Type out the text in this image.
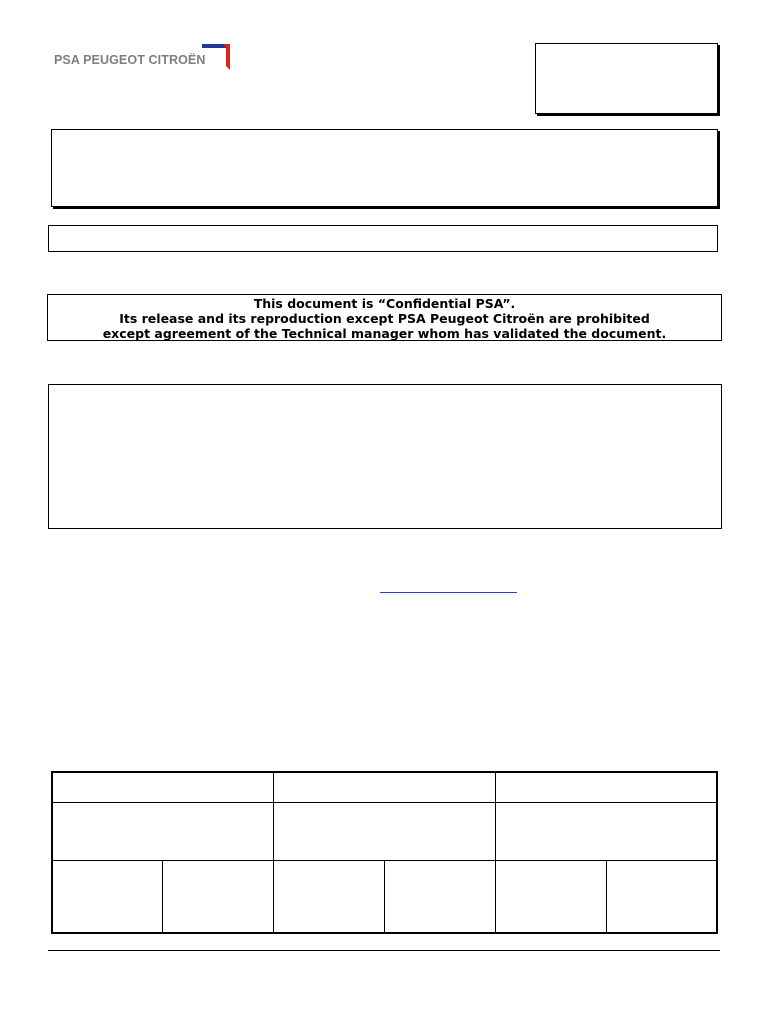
PSA PEUGEOT CITROËN
This document is “Confidential PSA”.
Its release and its reproduction except PSA Peugeot Citroën are prohibited
except agreement of the Technical manager whom has validated the document.
